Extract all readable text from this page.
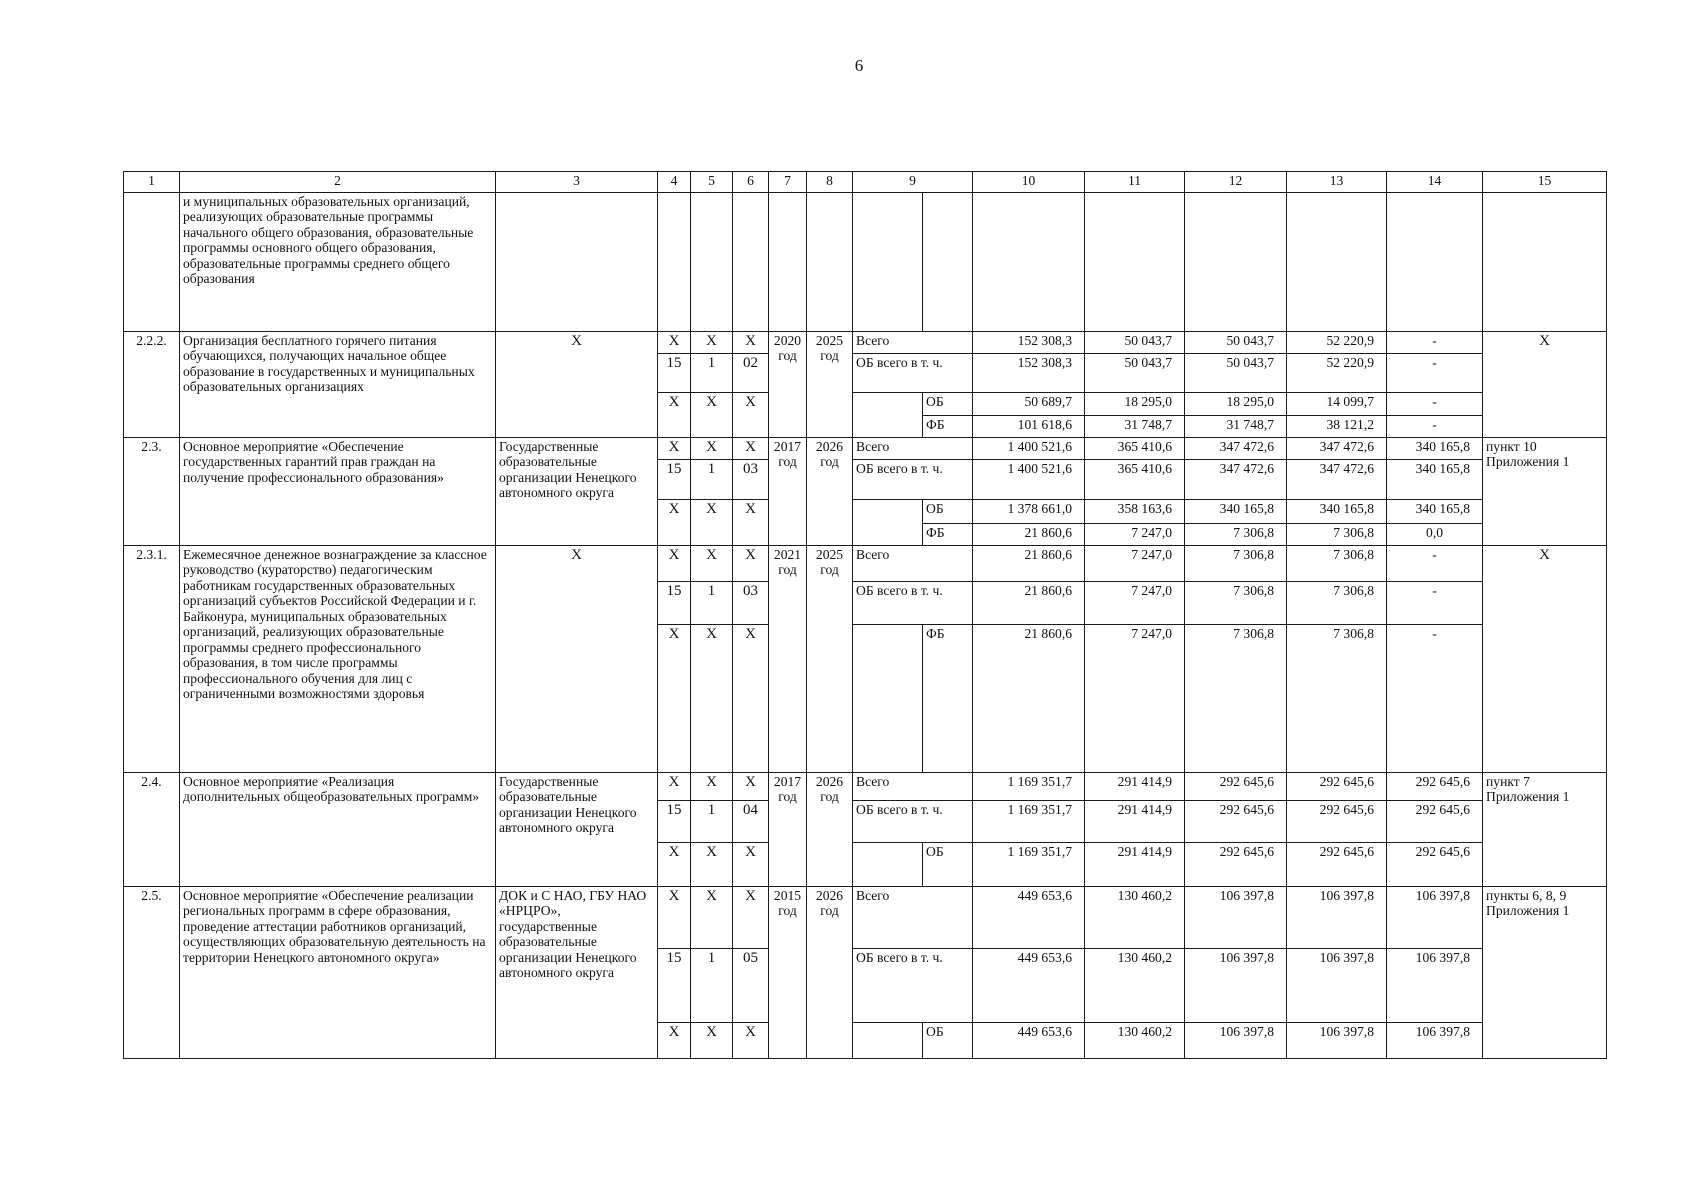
6
1	2	3	4	5	6	7	8	9		10	11	12	13	14	15
	и муниципальных образовательных организаций, реализующих образовательные программы начального общего образования, образовательные программы основного общего образования, образовательные программы среднего общего образования														
2.2.2.	Организация бесплатного горячего питания обучающихся, получающих начальное общее образование в государственных и муниципальных образовательных организациях	Х	Х	Х	Х	2020 год	2025 год	Всего		152 308,3	50 043,7	50 043,7	52 220,9	-	Х
			15	1	02			ОБ всего в т. ч.		152 308,3	50 043,7	50 043,7	52 220,9	-	
			Х	Х	Х				ОБ	50 689,7	18 295,0	18 295,0	14 099,7	-	
									ФБ	101 618,6	31 748,7	31 748,7	38 121,2	-	
2.3.	Основное мероприятие «Обеспечение государственных гарантий прав граждан на получение профессионального образования»	Государственные образовательные организации Ненецкого автономного округа	Х	Х	Х	2017 год	2026 год	Всего		1 400 521,6	365 410,6	347 472,6	347 472,6	340 165,8	пункт 10 Приложения 1
			15	1	03			ОБ всего в т. ч.		1 400 521,6	365 410,6	347 472,6	347 472,6	340 165,8	
			Х	Х	Х				ОБ	1 378 661,0	358 163,6	340 165,8	340 165,8	340 165,8	
									ФБ	21 860,6	7 247,0	7 306,8	7 306,8	0,0	
2.3.1.	Ежемесячное денежное вознаграждение за классное руководство (кураторство) педагогическим работникам государственных образовательных организаций субъектов Российской Федерации и г. Байконура, муниципальных образовательных организаций, реализующих образовательные программы среднего профессионального образования, в том числе программы профессионального обучения для лиц с ограниченными возможностями здоровья	Х	Х	Х	Х	2021 год	2025 год	Всего		21 860,6	7 247,0	7 306,8	7 306,8	-	Х
			15	1	03			ОБ всего в т. ч.		21 860,6	7 247,0	7 306,8	7 306,8	-	
			Х	Х	Х				ФБ	21 860,6	7 247,0	7 306,8	7 306,8	-	
2.4.	Основное мероприятие «Реализация дополнительных общеобразовательных программ»	Государственные образовательные организации Ненецкого автономного округа	Х	Х	Х	2017 год	2026 год	Всего		1 169 351,7	291 414,9	292 645,6	292 645,6	292 645,6	пункт 7 Приложения 1
			15	1	04			ОБ всего в т. ч.		1 169 351,7	291 414,9	292 645,6	292 645,6	292 645,6	
			Х	Х	Х				ОБ	1 169 351,7	291 414,9	292 645,6	292 645,6	292 645,6	
2.5.	Основное мероприятие «Обеспечение реализации региональных программ в сфере образования, проведение аттестации работников организаций, осуществляющих образовательную деятельность на территории Ненецкого автономного округа»	ДОК и С НАО, ГБУ НАО «НРЦРО», государственные образовательные организации Ненецкого автономного округа	Х	Х	Х	2015 год	2026 год	Всего		449 653,6	130 460,2	106 397,8	106 397,8	106 397,8	пункты 6, 8, 9 Приложения 1
			15	1	05			ОБ всего в т. ч.		449 653,6	130 460,2	106 397,8	106 397,8	106 397,8	
			Х	Х	Х				ОБ	449 653,6	130 460,2	106 397,8	106 397,8	106 397,8	
